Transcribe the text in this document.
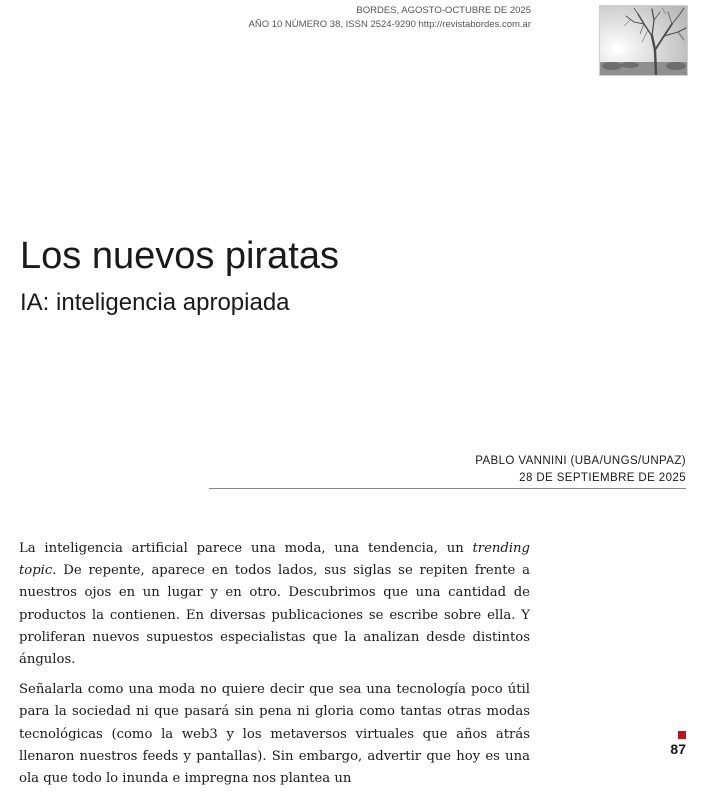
BORDES, AGOSTO-OCTUBRE DE 2025
AÑO 10 NÚMERO 38, ISSN 2524-9290 http://revistabordes.com.ar
Los nuevos piratas
IA: inteligencia apropiada
PABLO VANNINI (UBA/UNGS/UNPAZ)
28 DE SEPTIEMBRE DE 2025

La inteligencia artificial parece una moda, una tendencia, un trending topic. De repente, aparece en todos lados, sus siglas se repiten frente a nuestros ojos en un lugar y en otro. Descubrimos que una cantidad de productos la contienen. En diversas publicaciones se escribe sobre ella. Y proliferan nuevos supuestos especialistas que la analizan desde distintos ángulos.

Señalarla como una moda no quiere decir que sea una tecnología poco útil para la sociedad ni que pasará sin pena ni gloria como tantas otras modas tecnológicas (como la web3 y los metaversos virtuales que años atrás llenaron nuestros feeds y pantallas). Sin embargo, advertir que hoy es una ola que todo lo inunda e impregna nos plantea un

87
